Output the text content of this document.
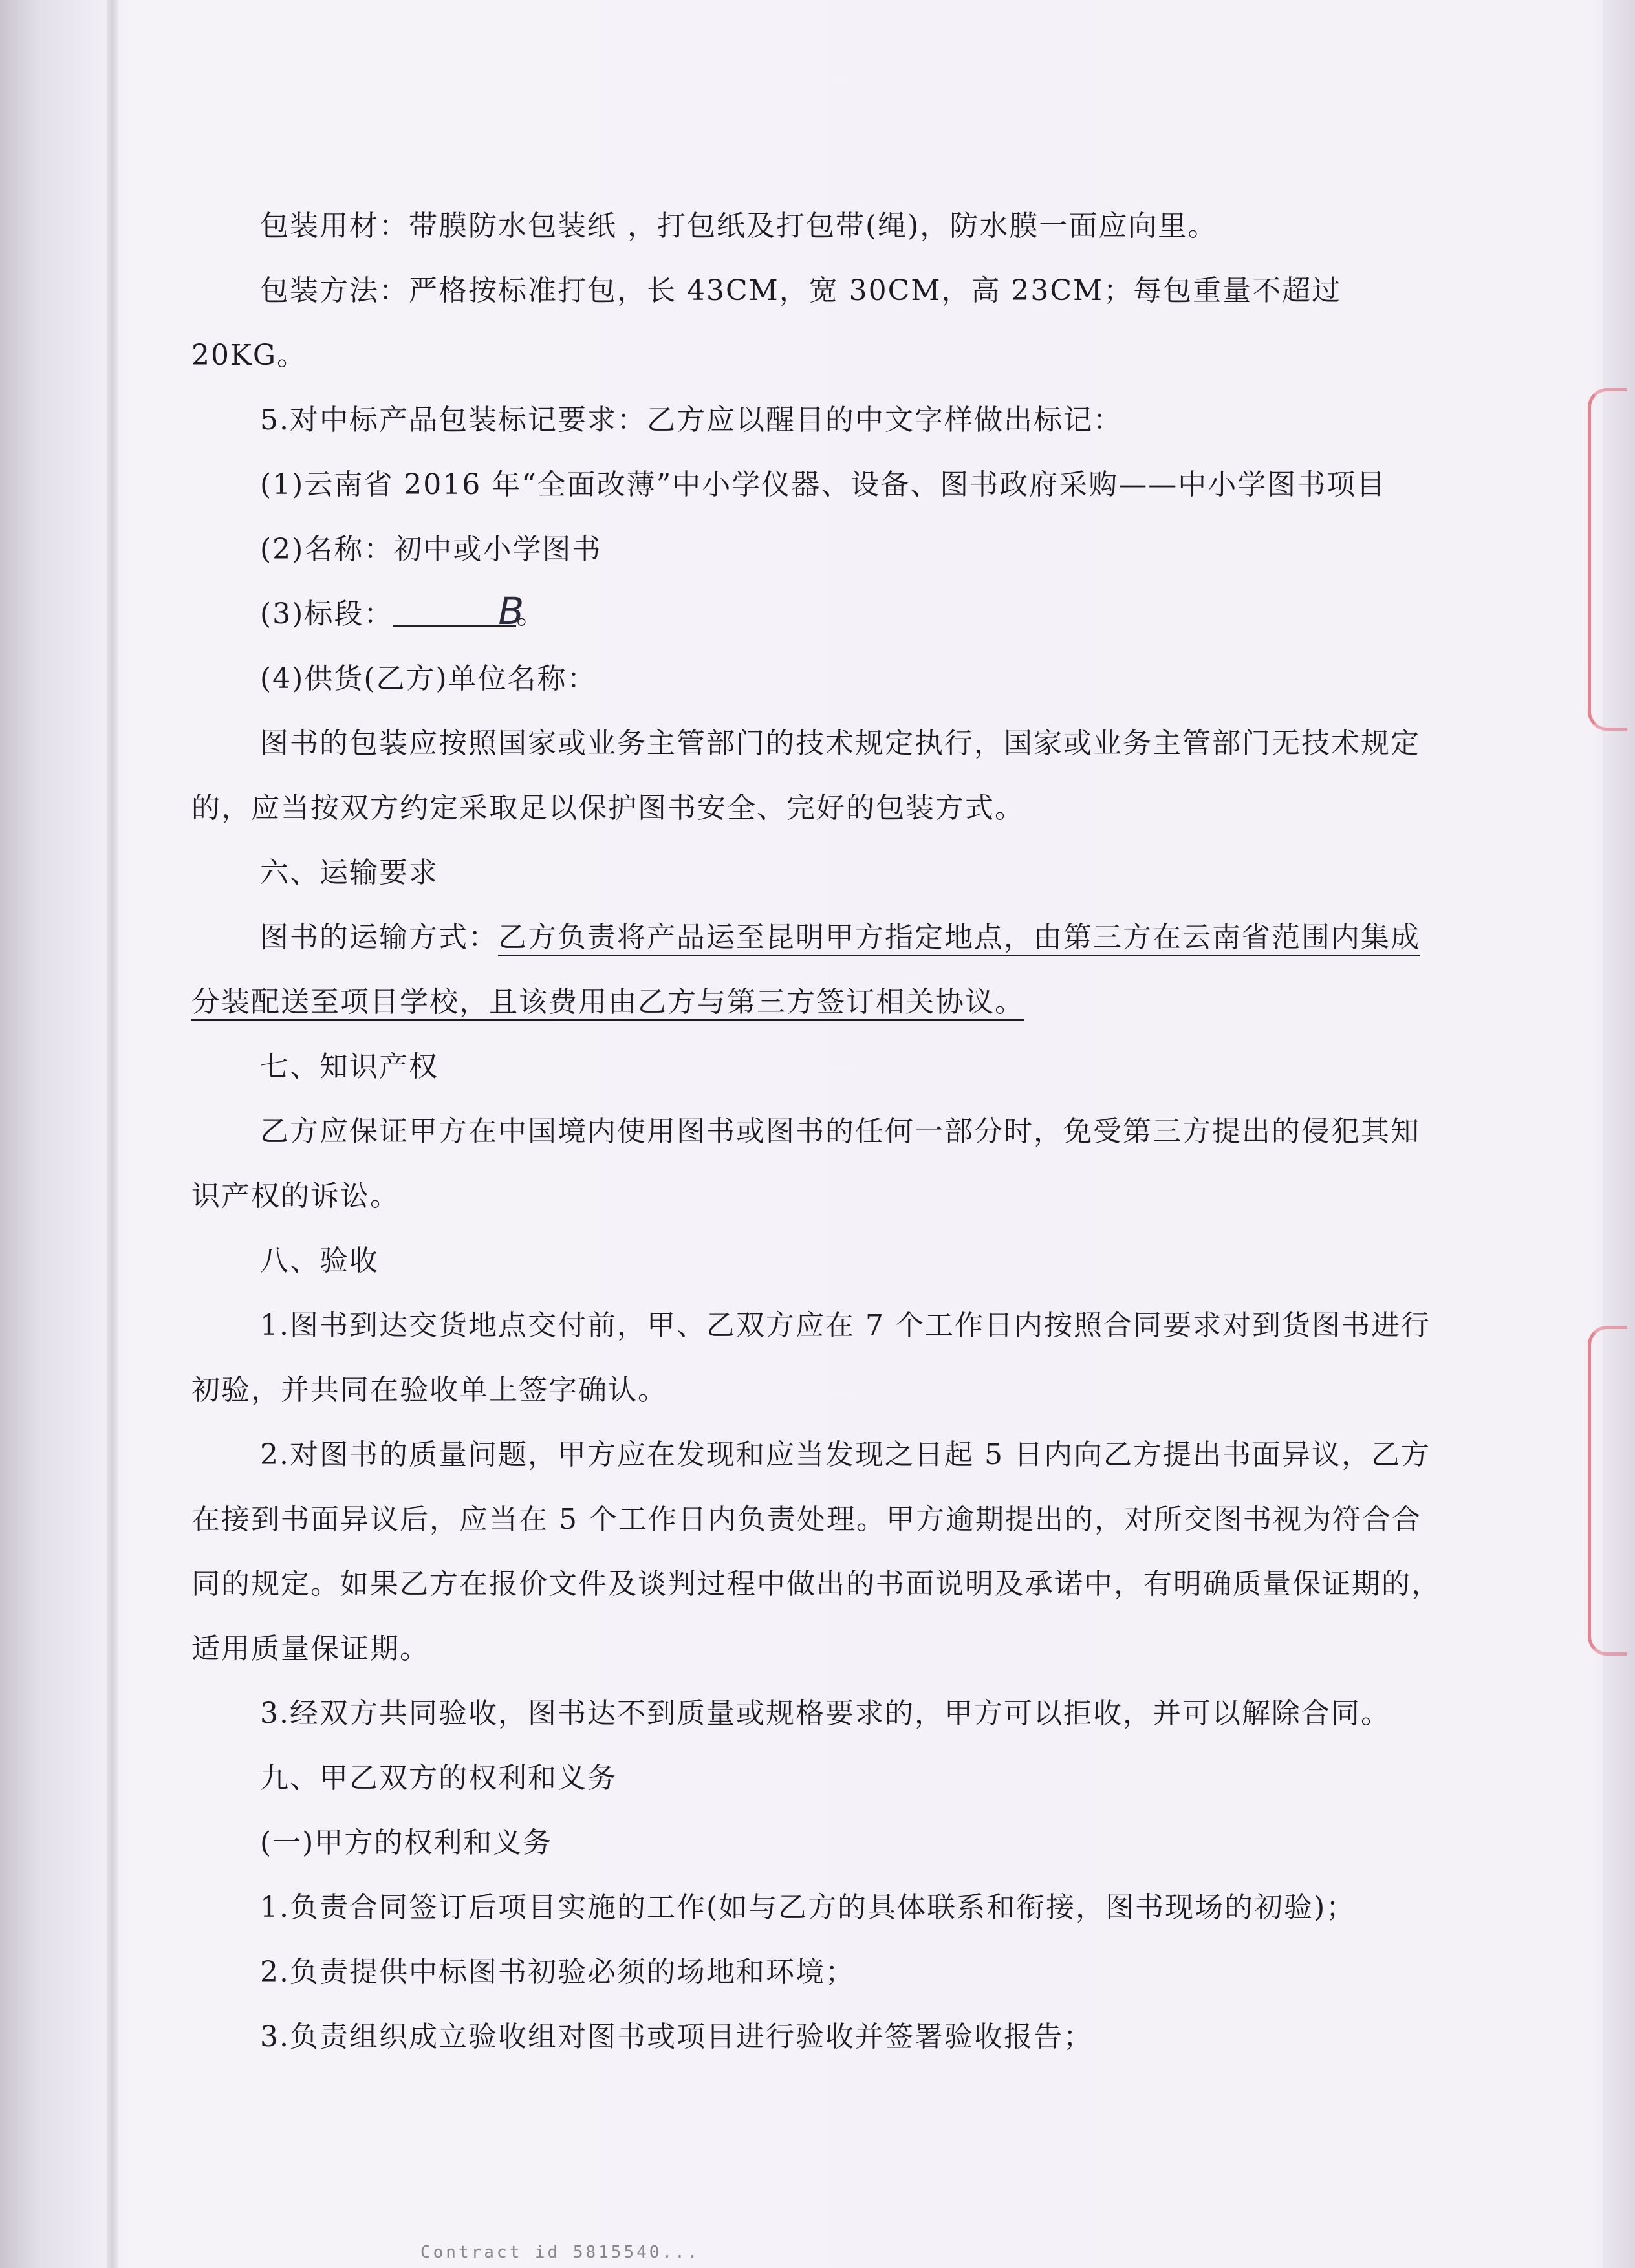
包装用材：带膜防水包装纸 ，打包纸及打包带(绳)，防水膜一面应向里。

包装方法：严格按标准打包，长 43CM，宽 30CM，高 23CM；每包重量不超过 20KG。

5.对中标产品包装标记要求：乙方应以醒目的中文字样做出标记：

(1)云南省 2016 年“全面改薄”中小学仪器、设备、图书政府采购——中小学图书项目

(2)名称：初中或小学图书

(3)标段：	B
。

(4)供货(乙方)单位名称：

图书的包装应按照国家或业务主管部门的技术规定执行，国家或业务主管部门无技术规定的，应当按双方约定采取足以保护图书安全、完好的包装方式。

六、运输要求

图书的运输方式：乙方负责将产品运至昆明甲方指定地点，由第三方在云南省范围内集成分装配送至项目学校，且该费用由乙方与第三方签订相关协议。

七、知识产权

乙方应保证甲方在中国境内使用图书或图书的任何一部分时，免受第三方提出的侵犯其知识产权的诉讼。

八、验收

1.图书到达交货地点交付前，甲、乙双方应在 7 个工作日内按照合同要求对到货图书进行初验，并共同在验收单上签字确认。

2.对图书的质量问题，甲方应在发现和应当发现之日起 5 日内向乙方提出书面异议，乙方在接到书面异议后，应当在 5 个工作日内负责处理。甲方逾期提出的，对所交图书视为符合合同的规定。如果乙方在报价文件及谈判过程中做出的书面说明及承诺中，有明确质量保证期的，适用质量保证期。

3.经双方共同验收，图书达不到质量或规格要求的，甲方可以拒收，并可以解除合同。

九、甲乙双方的权利和义务

(一)甲方的权利和义务

1.负责合同签订后项目实施的工作(如与乙方的具体联系和衔接，图书现场的初验)；

2.负责提供中标图书初验必须的场地和环境；

3.负责组织成立验收组对图书或项目进行验收并签署验收报告；

Contract id 5815540...
